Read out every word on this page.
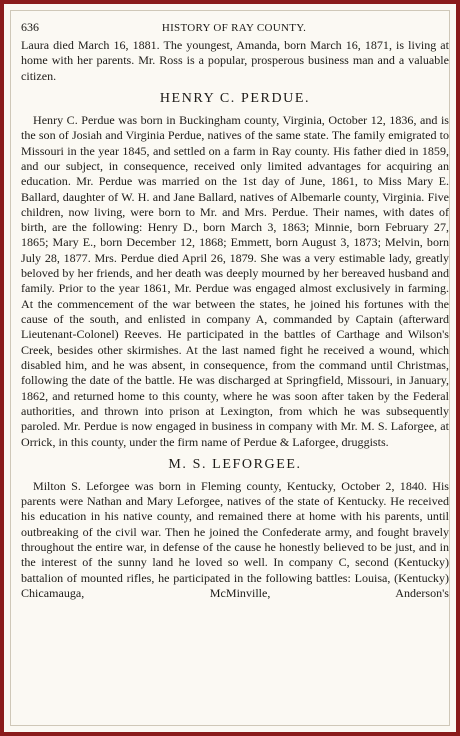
636	HISTORY OF RAY COUNTY.

Laura died March 16, 1881. The youngest, Amanda, born March 16, 1871, is living at home with her parents. Mr. Ross is a popular, prosperous business man and a valuable citizen.

HENRY C. PERDUE.

Henry C. Perdue was born in Buckingham county, Virginia, October 12, 1836, and is the son of Josiah and Virginia Perdue, natives of the same state. The family emigrated to Missouri in the year 1845, and settled on a farm in Ray county. His father died in 1859, and our subject, in consequence, received only limited advantages for acquiring an education. Mr. Perdue was married on the 1st day of June, 1861, to Miss Mary E. Ballard, daughter of W. H. and Jane Ballard, natives of Albemarle county, Virginia. Five children, now living, were born to Mr. and Mrs. Perdue. Their names, with dates of birth, are the following: Henry D., born March 3, 1863; Minnie, born February 27, 1865; Mary E., born December 12, 1868; Emmett, born August 3, 1873; Melvin, born July 28, 1877. Mrs. Perdue died April 26, 1879. She was a very estimable lady, greatly beloved by her friends, and her death was deeply mourned by her bereaved husband and family. Prior to the year 1861, Mr. Perdue was engaged almost exclusively in farming. At the commencement of the war between the states, he joined his fortunes with the cause of the south, and enlisted in company A, commanded by Captain (afterward Lieutenant-Colonel) Reeves. He participated in the battles of Carthage and Wilson's Creek, besides other skirmishes. At the last named fight he received a wound, which disabled him, and he was absent, in consequence, from the command until Christmas, following the date of the battle. He was discharged at Springfield, Missouri, in January, 1862, and returned home to this county, where he was soon after taken by the Federal authorities, and thrown into prison at Lexington, from which he was subsequently paroled. Mr. Perdue is now engaged in business in company with Mr. M. S. Laforgee, at Orrick, in this county, under the firm name of Perdue & Laforgee, druggists.

M. S. LEFORGEE.

Milton S. Leforgee was born in Fleming county, Kentucky, October 2, 1840. His parents were Nathan and Mary Leforgee, natives of the state of Kentucky. He received his education in his native county, and remained there at home with his parents, until outbreaking of the civil war. Then he joined the Confederate army, and fought bravely throughout the entire war, in defense of the cause he honestly believed to be just, and in the interest of the sunny land he loved so well. In company C, second (Kentucky) battalion of mounted rifles, he participated in the following battles: Louisa, (Kentucky) Chicamauga, McMinville, Anderson's
